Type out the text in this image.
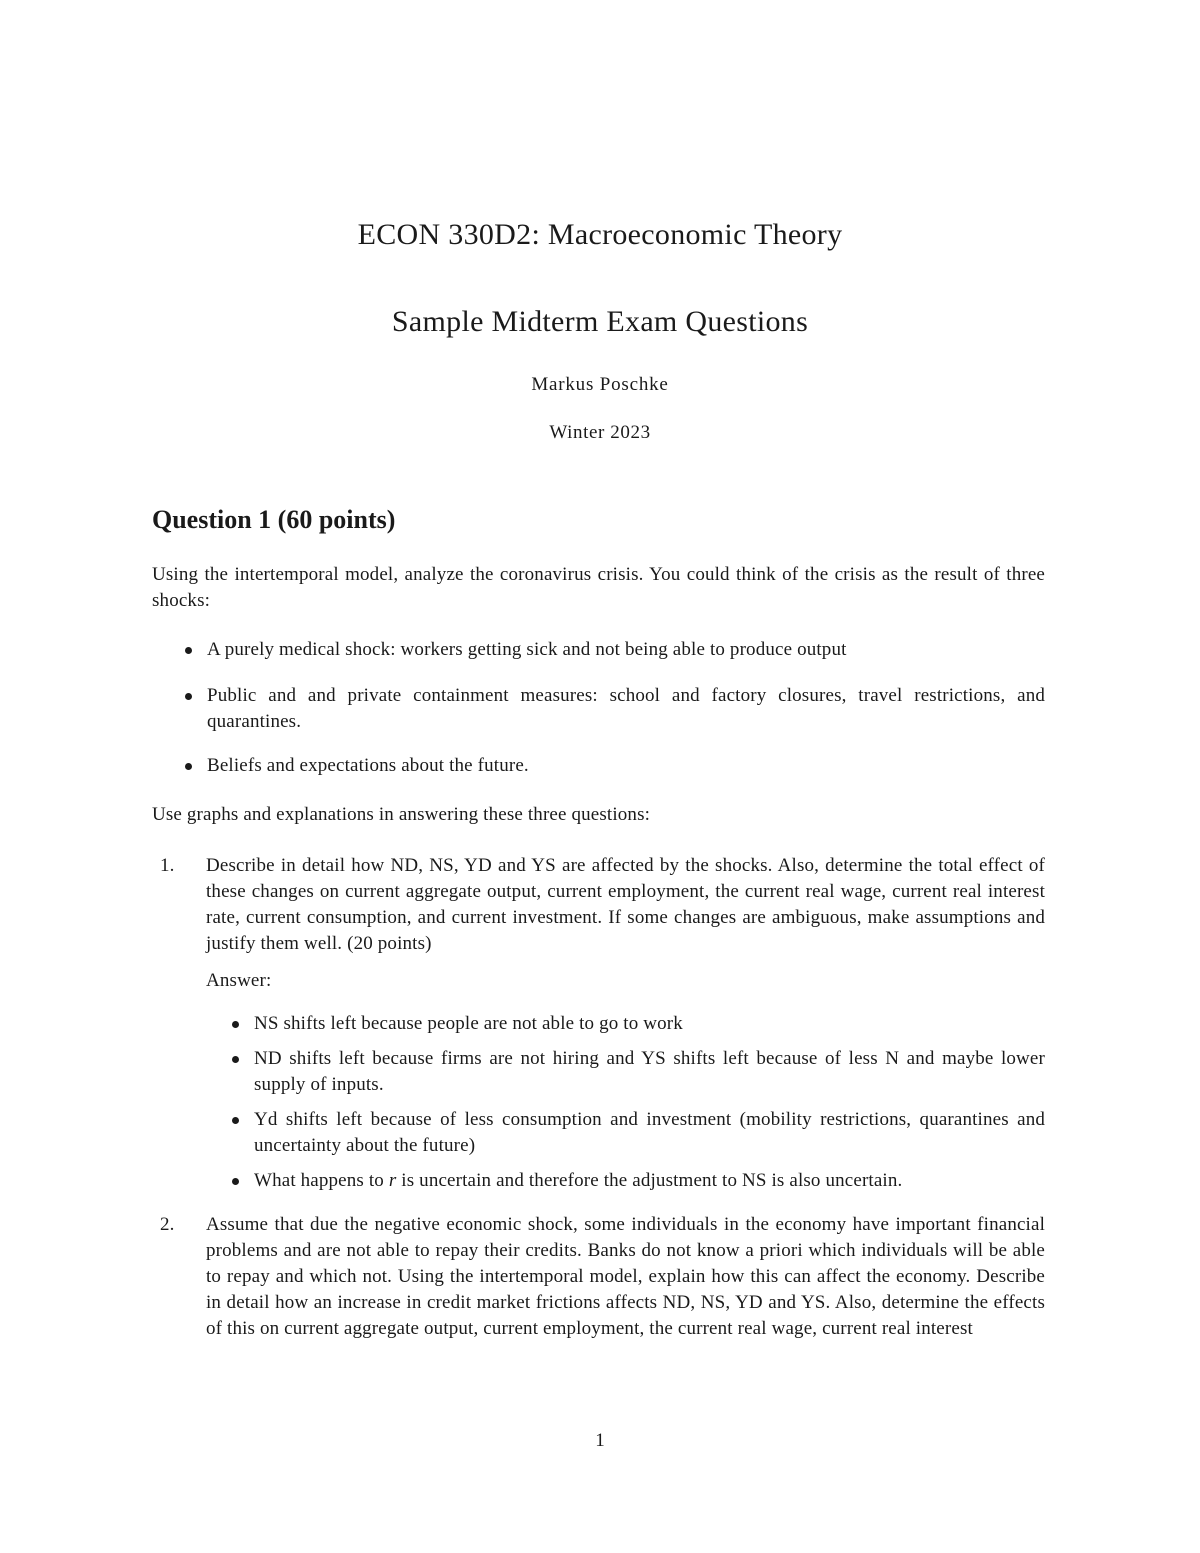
ECON 330D2: Macroeconomic Theory
Sample Midterm Exam Questions
Markus Poschke
Winter 2023
Question 1 (60 points)
Using the intertemporal model, analyze the coronavirus crisis. You could think of the crisis as the result of three shocks:
A purely medical shock: workers getting sick and not being able to produce output
Public and and private containment measures: school and factory closures, travel restrictions, and quarantines.
Beliefs and expectations about the future.
Use graphs and explanations in answering these three questions:
1. Describe in detail how ND, NS, YD and YS are affected by the shocks. Also, determine the total effect of these changes on current aggregate output, current employment, the current real wage, current real interest rate, current consumption, and current investment. If some changes are ambiguous, make assumptions and justify them well. (20 points)
Answer:
NS shifts left because people are not able to go to work
ND shifts left because firms are not hiring and YS shifts left because of less N and maybe lower supply of inputs.
Yd shifts left because of less consumption and investment (mobility restrictions, quarantines and uncertainty about the future)
What happens to r is uncertain and therefore the adjustment to NS is also uncertain.
2. Assume that due the negative economic shock, some individuals in the economy have important financial problems and are not able to repay their credits. Banks do not know a priori which individuals will be able to repay and which not. Using the intertemporal model, explain how this can affect the economy. Describe in detail how an increase in credit market frictions affects ND, NS, YD and YS. Also, determine the effects of this on current aggregate output, current employment, the current real wage, current real interest
1
